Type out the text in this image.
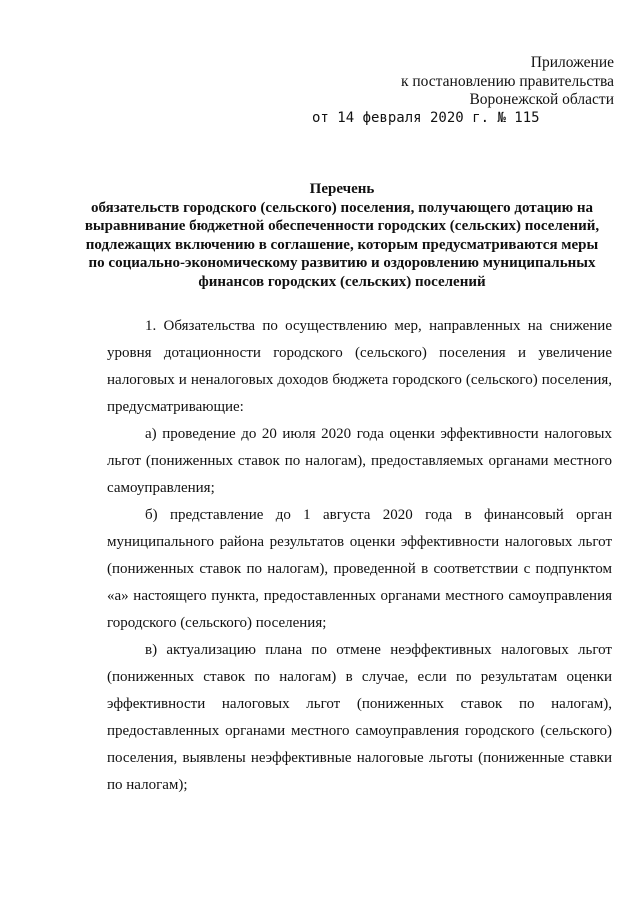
Приложение
к постановлению правительства
Воронежской области
от 14 февраля 2020 г. № 115
Перечень
обязательств городского (сельского) поселения, получающего дотацию на выравнивание бюджетной обеспеченности городских (сельских) поселений, подлежащих включению в соглашение, которым предусматриваются меры по социально-экономическому развитию и оздоровлению муниципальных финансов городских (сельских) поселений

1. Обязательства по осуществлению мер, направленных на снижение уровня дотационности городского (сельского) поселения и увеличение налоговых и неналоговых доходов бюджета городского (сельского) поселения, предусматривающие:

а) проведение до 20 июля 2020 года оценки эффективности налоговых льгот (пониженных ставок по налогам), предоставляемых органами местного самоуправления;

б) представление до 1 августа 2020 года в финансовый орган муниципального района результатов оценки эффективности налоговых льгот (пониженных ставок по налогам), проведенной в соответствии с подпунктом «а» настоящего пункта, предоставленных органами местного самоуправления городского (сельского) поселения;

в) актуализацию плана по отмене неэффективных налоговых льгот (пониженных ставок по налогам) в случае, если по результатам оценки эффективности налоговых льгот (пониженных ставок по налогам), предоставленных органами местного самоуправления городского (сельского) поселения, выявлены неэффективные налоговые льготы (пониженные ставки по налогам);
